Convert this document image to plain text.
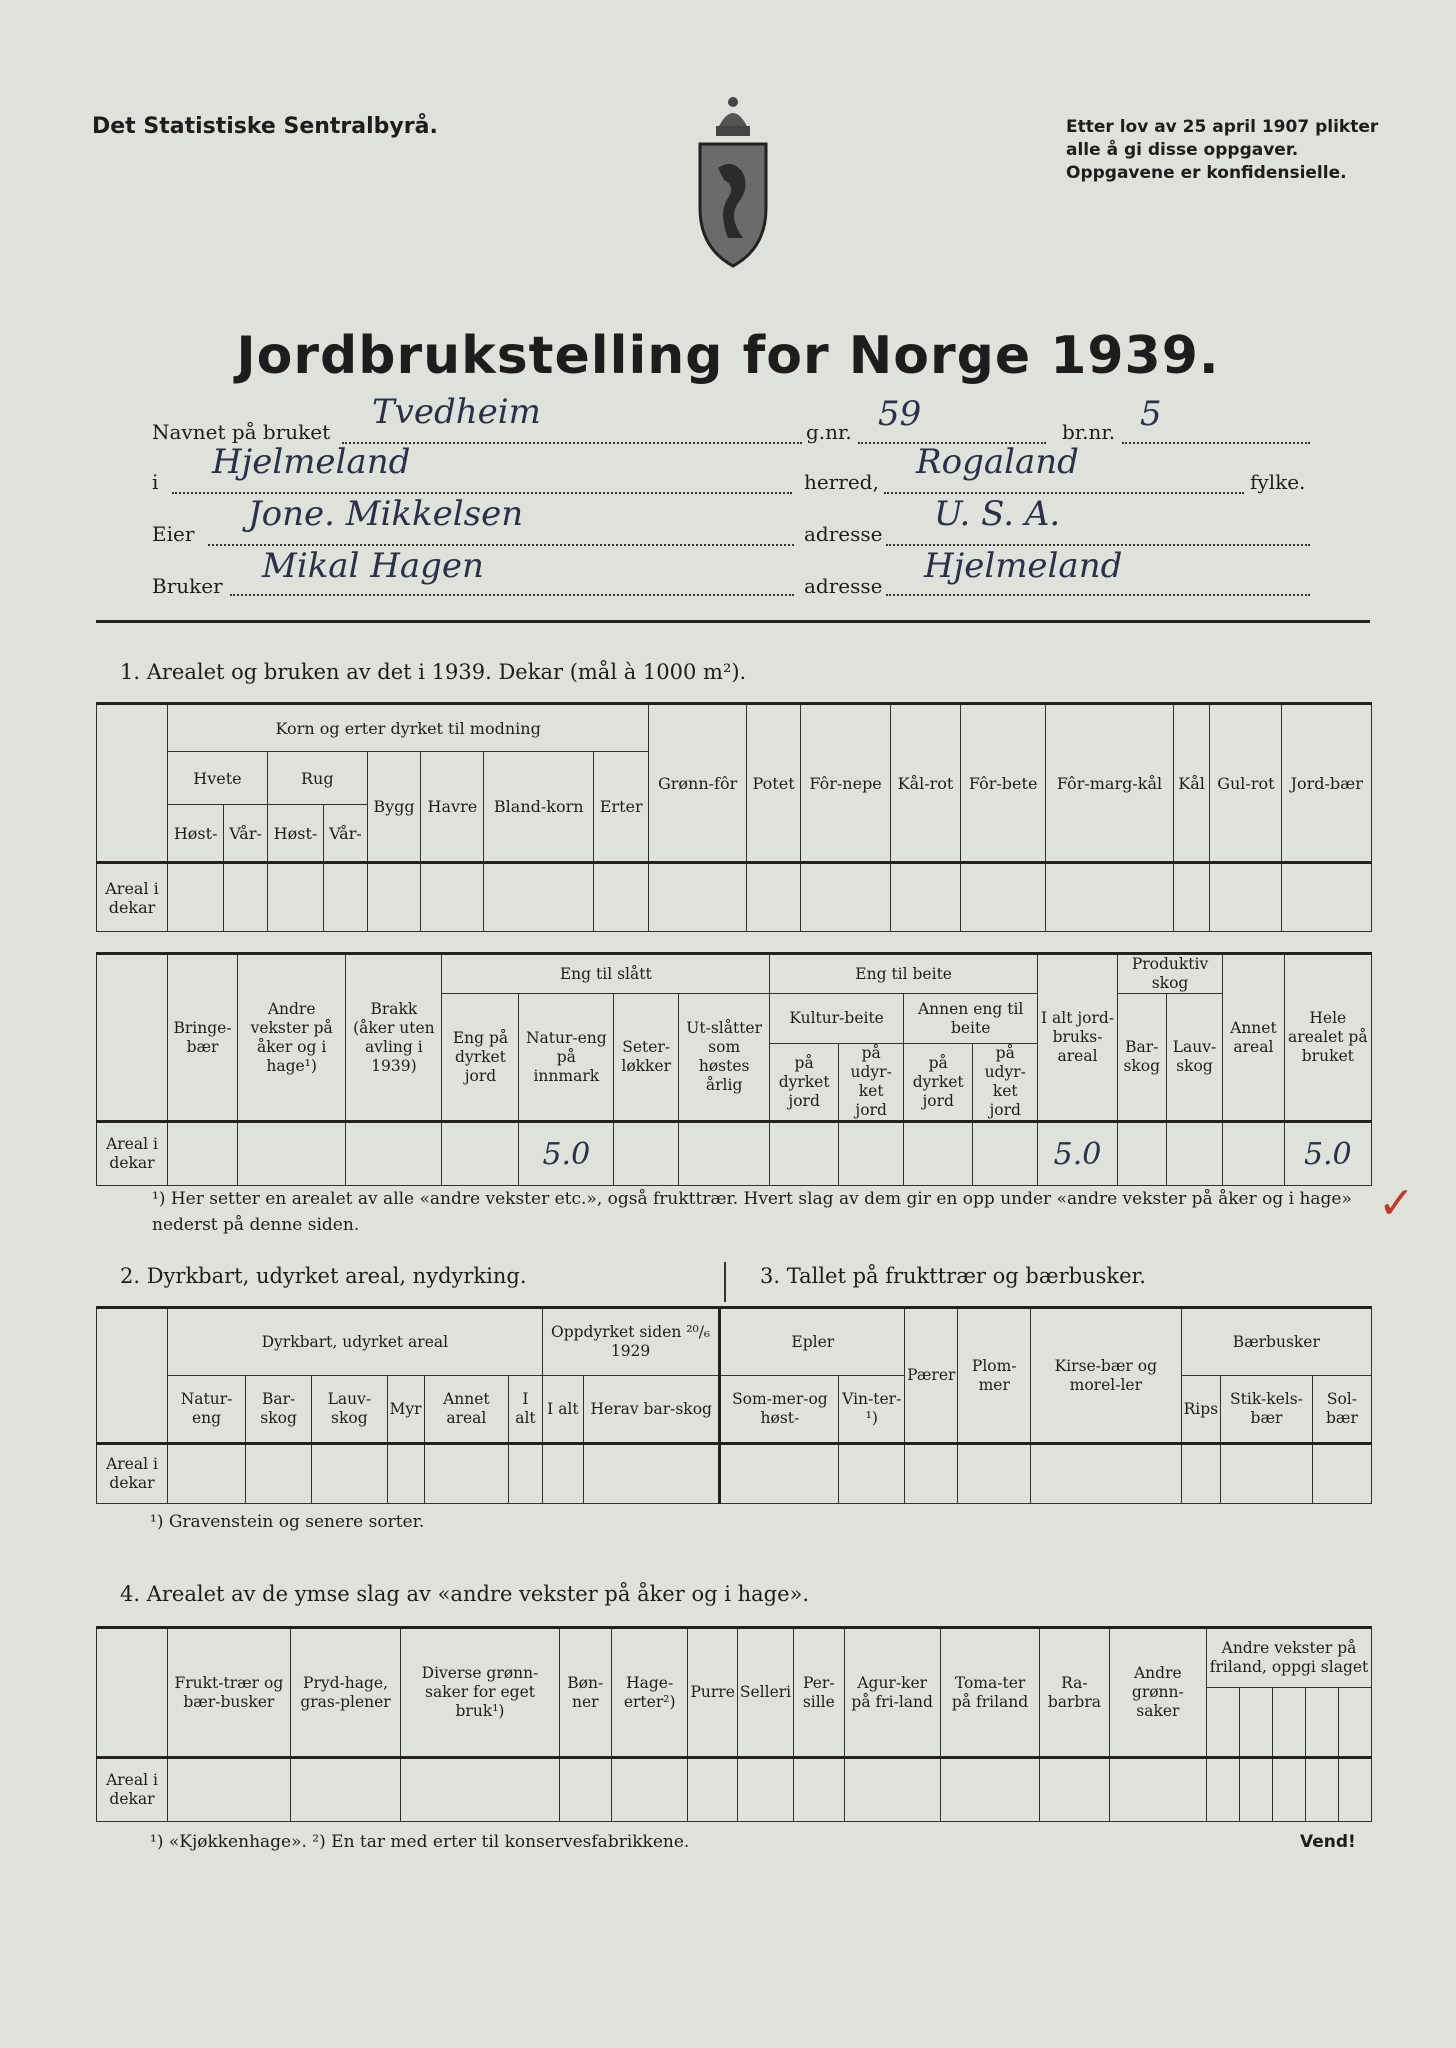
Det Statistiske Sentralbyrå.	Etter lov av 25 april 1907 plikter
alle å gi disse oppgaver.
Oppgavene er konfidensielle.
Jordbrukstelling for Norge 1939.
Navnet på bruket Tvedheim	g.nr. 59	br.nr. 5
i Hjelmeland	herred, Rogaland	fylke.
Eier Jone. Mikkelsen	adresse U. S. A.
Bruker Mikal Hagen	adresse Hjelmeland
1. Arealet og bruken av det i 1939. Dekar (mål à 1000 m²).
	Korn og erter dyrket til modning								Grønn-fôr	Potet	Fôr-nepe	Kål-rot	Fôr-bete	Fôr-marg-kål	Kål	Gul-rot	Jord-bær
	Hvete		Rug		Bygg	Havre	Bland-korn	Erter									
	Høst-	Vår-	Høst-	Vår-													
Areal i dekar																	
	Bringe-bær	Andre vekster på åker og i hage¹)	Brakk (åker uten avling i 1939)	Eng til slått				Eng til beite				I alt jord-bruks-areal	Produktiv skog		Annet areal	Hele arealet på bruket
				Eng på dyrket jord	Natur-eng på innmark	Seter-løkker	Ut-slåtter som høstes årlig	Kultur-beite		Annen eng til beite			Bar-skog	Lauv-skog		
								på dyrket jord	på udyr-ket jord	på dyrket jord	på udyr-ket jord					
Areal i dekar					5.0							5.0				5.0
¹) Her setter en arealet av alle «andre vekster etc.», også frukttrær. Hvert slag av dem gir en opp under «andre vekster på åker og i hage» nederst på denne siden.	✓
2. Dyrkbart, udyrket areal, nydyrking.	3. Tallet på frukttrær og bærbusker.
	Dyrkbart, udyrket areal						Oppdyrket siden ²⁰/₆ 1929		Epler		Pærer	Plom-mer	Kirse-bær og morel-ler	Bærbusker		
	Natur-eng	Bar-skog	Lauv-skog	Myr	Annet areal	I alt	I alt	Herav bar-skog	Som-mer-og høst-	Vin-ter-¹)				Rips	Stik-kels-bær	Sol-bær
Areal i dekar																
¹) Gravenstein og senere sorter.
4. Arealet av de ymse slag av «andre vekster på åker og i hage».
	Frukt-trær og bær-busker	Pryd-hage, gras-plener	Diverse grønn-saker for eget bruk¹)	Bøn-ner	Hage-erter²)	Purre	Selleri	Per-sille	Agur-ker på fri-land	Toma-ter på friland	Ra-barbra	Andre grønn-saker	Andre vekster på friland, oppgi slaget				

Areal i dekar																	
¹) «Kjøkkenhage». ²) En tar med erter til konservesfabrikkene.	Vend!
